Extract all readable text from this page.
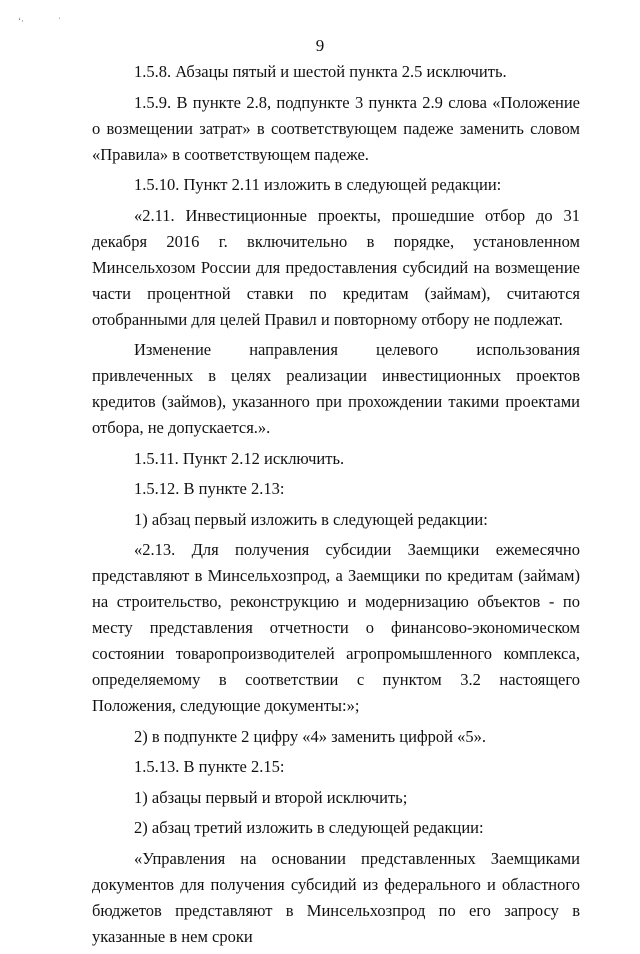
ʻ·	ˈ
9

1.5.8. Абзацы пятый и шестой пункта 2.5 исключить.

1.5.9. В пункте 2.8, подпункте 3 пункта 2.9 слова «Положение о возмещении затрат» в соответствующем падеже заменить словом «Правила» в соответствующем падеже.

1.5.10. Пункт 2.11 изложить в следующей редакции:

«2.11. Инвестиционные проекты, прошедшие отбор до 31 декабря 2016 г. включительно в порядке, установленном Минсельхозом России для предоставления субсидий на возмещение части процентной ставки по кредитам (займам), считаются отобранными для целей Правил и повторному отбору не подлежат.

Изменение направления целевого использования привлеченных в целях реализации инвестиционных проектов кредитов (займов), указанного при прохождении такими проектами отбора, не допускается.».

1.5.11. Пункт 2.12 исключить.

1.5.12. В пункте 2.13:

1) абзац первый изложить в следующей редакции:

«2.13. Для получения субсидии Заемщики ежемесячно представляют в Минсельхозпрод, а Заемщики по кредитам (займам) на строительство, реконструкцию и модернизацию объектов - по месту представления отчетности о финансово-экономическом состоянии товаропроизводителей агропромышленного комплекса, определяемому в соответствии с пунктом 3.2 настоящего Положения, следующие документы:»;

2) в подпункте 2 цифру «4» заменить цифрой «5».

1.5.13. В пункте 2.15:

1) абзацы первый и второй исключить;

2) абзац третий изложить в следующей редакции:

«Управления на основании представленных Заемщиками документов для получения субсидий из федерального и областного бюджетов представляют в Минсельхозпрод по его запросу в указанные в нем сроки
